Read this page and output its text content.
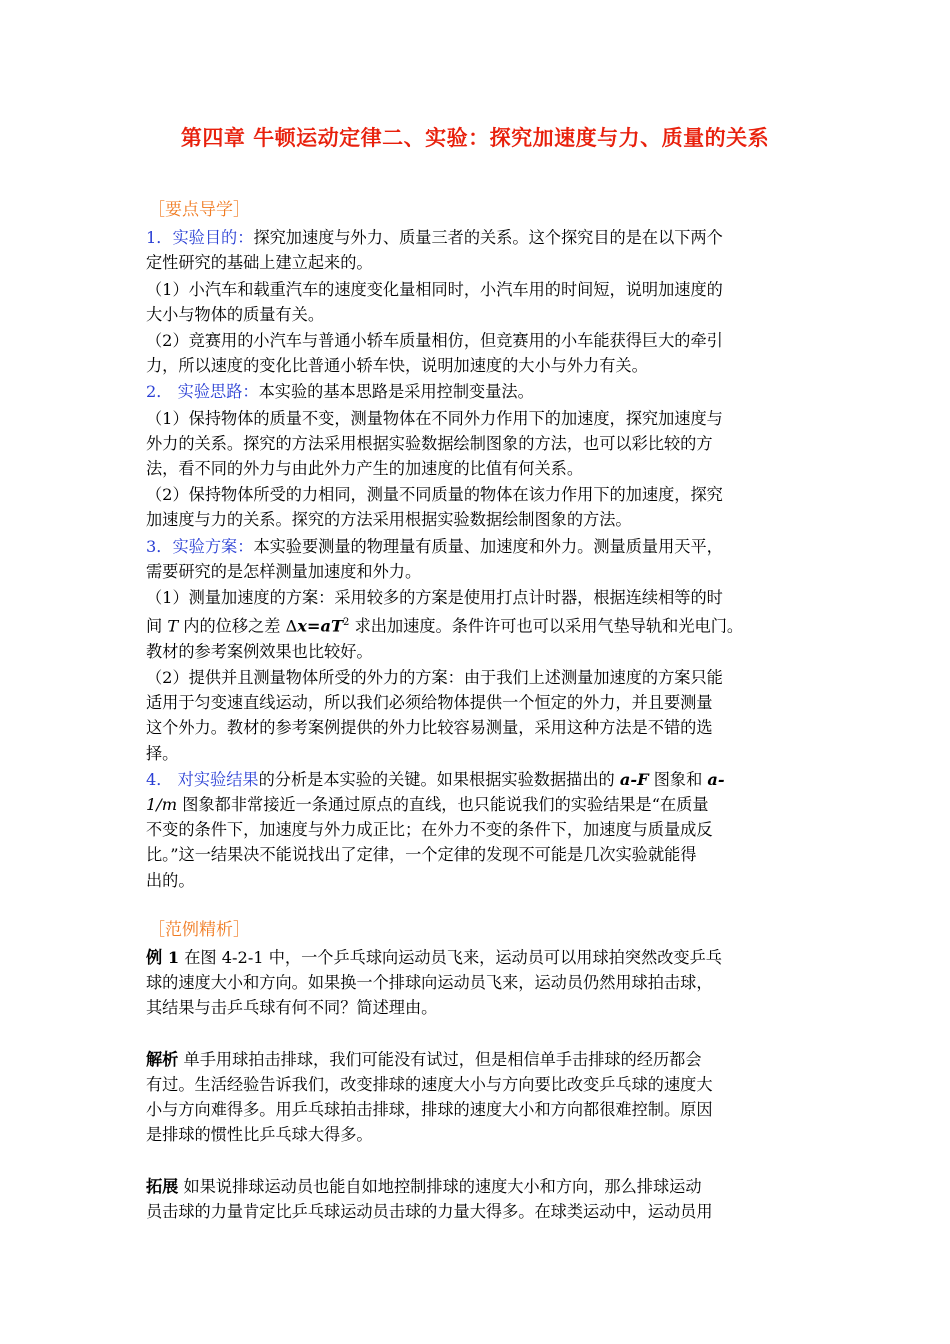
第四章 牛顿运动定律二、实验：探究加速度与力、质量的关系
［要点导学］
1．实验目的：探究加速度与外力、质量三者的关系。这个探究目的是在以下两个
定性研究的基础上建立起来的。
（1）小汽车和载重汽车的速度变化量相同时，小汽车用的时间短，说明加速度的
大小与物体的质量有关。
（2）竞赛用的小汽车与普通小轿车质量相仿，但竞赛用的小车能获得巨大的牵引
力，所以速度的变化比普通小轿车快，说明加速度的大小与外力有关。
2． 实验思路：本实验的基本思路是采用控制变量法。
（1）保持物体的质量不变，测量物体在不同外力作用下的加速度，探究加速度与
外力的关系。探究的方法采用根据实验数据绘制图象的方法，也可以彩比较的方
法，看不同的外力与由此外力产生的加速度的比值有何关系。
（2）保持物体所受的力相同，测量不同质量的物体在该力作用下的加速度，探究
加速度与力的关系。探究的方法采用根据实验数据绘制图象的方法。
3．实验方案：本实验要测量的物理量有质量、加速度和外力。测量质量用天平，
需要研究的是怎样测量加速度和外力。
（1）测量加速度的方案：采用较多的方案是使用打点计时器，根据连续相等的时
间 T 内的位移之差 $\Delta x=aT^2$ 求出加速度。条件许可也可以采用气垫导轨和光电门。
教材的参考案例效果也比较好。
（2）提供并且测量物体所受的外力的方案：由于我们上述测量加速度的方案只能
适用于匀变速直线运动，所以我们必须给物体提供一个恒定的外力，并且要测量
这个外力。教材的参考案例提供的外力比较容易测量，采用这种方法是不错的选
择。
4． 对实验结果的分析是本实验的关键。如果根据实验数据描出的 a-F 图象和 a-
1/m 图象都非常接近一条通过原点的直线，也只能说我们的实验结果是“在质量
不变的条件下，加速度与外力成正比；在外力不变的条件下，加速度与质量成反
比。”这一结果决不能说找出了定律，一个定律的发现不可能是几次实验就能得
出的。
［范例精析］
例 1 在图 4-2-1 中，一个乒乓球向运动员飞来，运动员可以用球拍突然改变乒乓
球的速度大小和方向。如果换一个排球向运动员飞来，运动员仍然用球拍击球，
其结果与击乒乓球有何不同？简述理由。
解析 单手用球拍击排球，我们可能没有试过，但是相信单手击排球的经历都会
有过。生活经验告诉我们，改变排球的速度大小与方向要比改变乒乓球的速度大
小与方向难得多。用乒乓球拍击排球，排球的速度大小和方向都很难控制。原因
是排球的惯性比乒乓球大得多。
拓展 如果说排球运动员也能自如地控制排球的速度大小和方向，那么排球运动
员击球的力量肯定比乒乓球运动员击球的力量大得多。在球类运动中，运动员用
